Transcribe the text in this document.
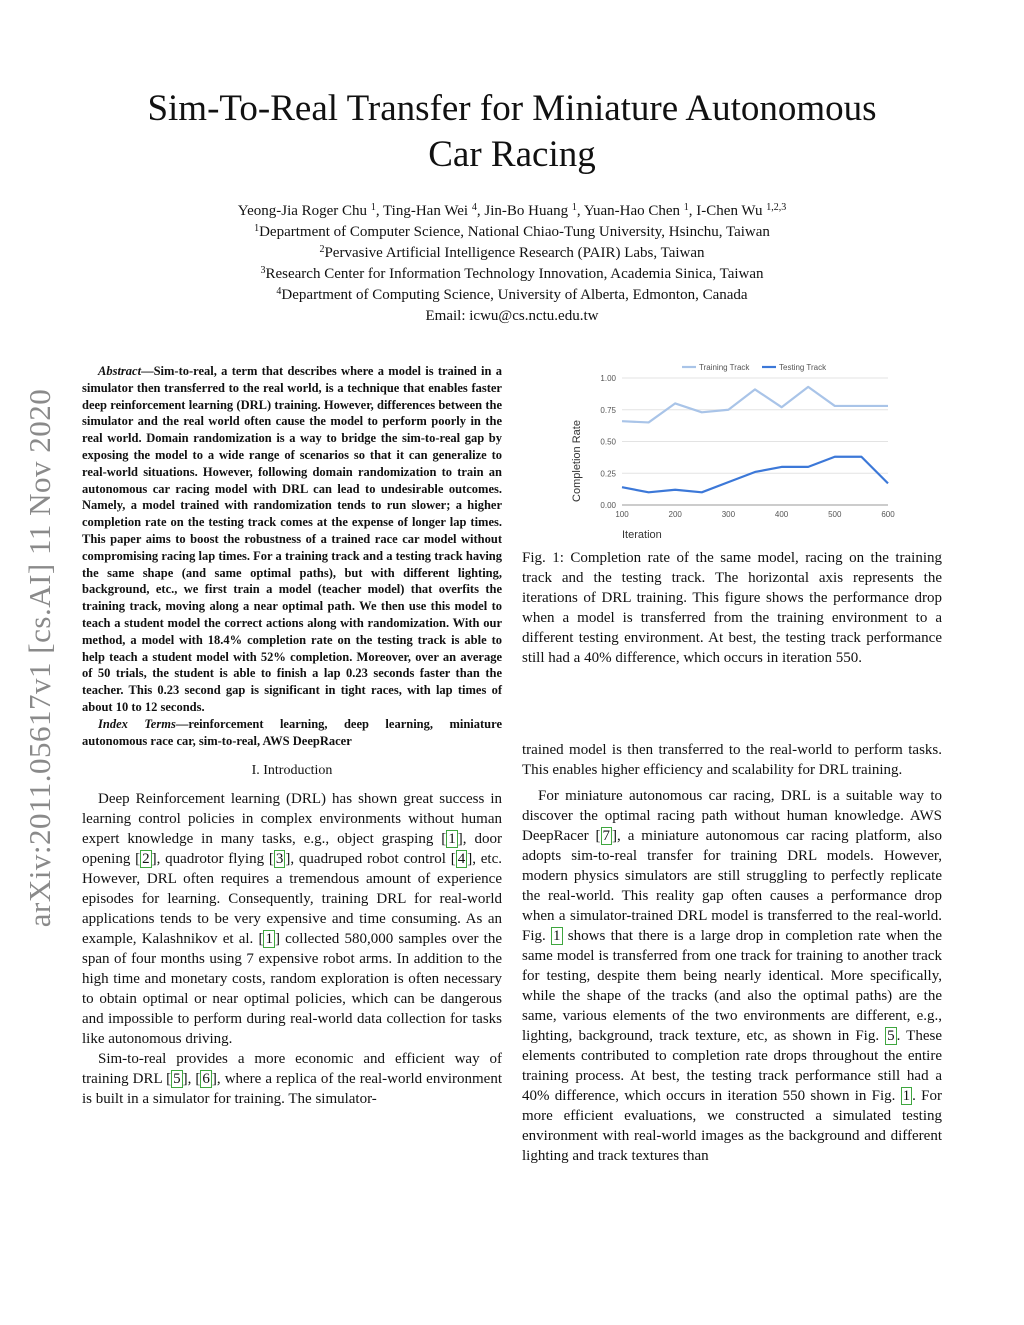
Sim-To-Real Transfer for Miniature Autonomous
Car Racing
Yeong-Jia Roger Chu $^1$, Ting-Han Wei $^4$, Jin-Bo Huang $^1$, Yuan-Hao Chen $^1$, I-Chen Wu $^{1,2,3}$
$^1$Department of Computer Science, National Chiao-Tung University, Hsinchu, Taiwan
$^2$Pervasive Artificial Intelligence Research (PAIR) Labs, Taiwan
$^3$Research Center for Information Technology Innovation, Academia Sinica, Taiwan
$^4$Department of Computing Science, University of Alberta, Edmonton, Canada
Email: icwu@cs.nctu.edu.tw
arXiv:2011.05617v1 [cs.AI] 11 Nov 2020

Abstract—Sim-to-real, a term that describes where a model is trained in a simulator then transferred to the real world, is a technique that enables faster deep reinforcement learning (DRL) training. However, differences between the simulator and the real world often cause the model to perform poorly in the real world. Domain randomization is a way to bridge the sim-to-real gap by exposing the model to a wide range of scenarios so that it can generalize to real-world situations. However, following domain randomization to train an autonomous car racing model with DRL can lead to undesirable outcomes. Namely, a model trained with randomization tends to run slower; a higher completion rate on the testing track comes at the expense of longer lap times. This paper aims to boost the robustness of a trained race car model without compromising racing lap times. For a training track and a testing track having the same shape (and same optimal paths), but with different lighting, background, etc., we first train a model (teacher model) that overfits the training track, moving along a near optimal path. We then use this model to teach a student model the correct actions along with randomization. With our method, a model with 18.4% completion rate on the testing track is able to help teach a student model with 52% completion. Moreover, over an average of 50 trials, the student is able to finish a lap 0.23 seconds faster than the teacher. This 0.23 second gap is significant in tight races, with lap times of about 10 to 12 seconds.

Index Terms—reinforcement learning, deep learning, miniature autonomous race car, sim-to-real, AWS DeepRacer

I. Introduction

Deep Reinforcement learning (DRL) has shown great success in learning control policies in complex environments without human expert knowledge in many tasks, e.g., object grasping [ 1 ], door opening [ 2 ], quadrotor flying [ 3 ], quadruped robot control [ 4 ], etc. However, DRL often requires a tremendous amount of experience episodes for learning. Consequently, training DRL for real-world applications tends to be very expensive and time consuming. As an example, Kalashnikov et al. [ 1 ] collected 580,000 samples over the span of four months using 7 expensive robot arms. In addition to the high time and monetary costs, random exploration is often necessary to obtain optimal or near optimal policies, which can be dangerous and impossible to perform during real-world data collection for tasks like autonomous driving.

Sim-to-real provides a more economic and efficient way of training DRL [ 5 ], [ 6 ], where a replica of the real-world environment is built in a simulator for training. The simulator-

0.00
0.25
0.50
0.75
1.00
100	200	300	400	500	600
Training Track	Testing Track
Completion Rate
Iteration
Fig. 1: Completion rate of the same model, racing on the training track and the testing track. The horizontal axis represents the iterations of DRL training. This figure shows the performance drop when a model is transferred from the training environment to a different testing environment. At best, the testing track performance still had a 40% difference, which occurs in iteration 550.

trained model is then transferred to the real-world to perform tasks. This enables higher efficiency and scalability for DRL training.

For miniature autonomous car racing, DRL is a suitable way to discover the optimal racing path without human knowledge. AWS DeepRacer [ 7 ], a miniature autonomous car racing platform, also adopts sim-to-real transfer for training DRL models. However, modern physics simulators are still struggling to perfectly replicate the real-world. This reality gap often causes a performance drop when a simulator-trained DRL model is transferred to the real-world. Fig. 1 shows that there is a large drop in completion rate when the same model is transferred from one track for training to another track for testing, despite them being nearly identical. More specifically, while the shape of the tracks (and also the optimal paths) are the same, various elements of the two environments are different, e.g., lighting, background, track texture, etc, as shown in Fig. 5 . These elements contributed to completion rate drops throughout the entire training process. At best, the testing track performance still had a 40% difference, which occurs in iteration 550 shown in Fig. 1 . For more efficient evaluations, we constructed a simulated testing environment with real-world images as the background and different lighting and track textures than
